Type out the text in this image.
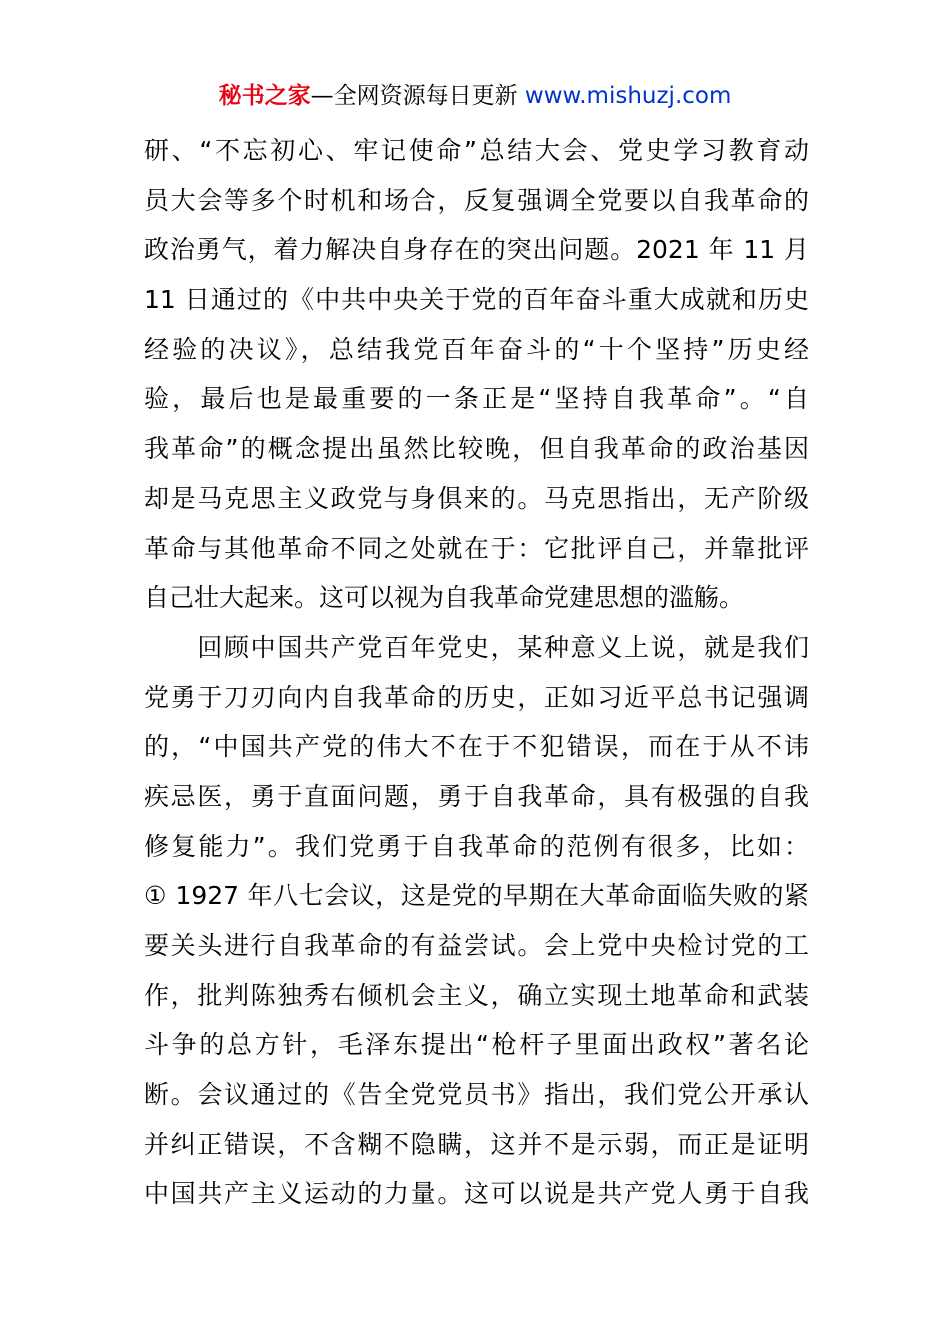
秘书之家—全网资源每日更新 www.mishuzj.com
研、“不忘初心、牢记使命”总结大会、党史学习教育动
员大会等多个时机和场合，反复强调全党要以自我革命的
政治勇气，着力解决自身存在的突出问题。2021 年 11 月
11 日通过的《中共中央关于党的百年奋斗重大成就和历史
经验的决议》，总结我党百年奋斗的“十个坚持”历史经
验，最后也是最重要的一条正是“坚持自我革命”。“自
我革命”的概念提出虽然比较晚，但自我革命的政治基因
却是马克思主义政党与身俱来的。马克思指出，无产阶级
革命与其他革命不同之处就在于：它批评自己，并靠批评
自己壮大起来。这可以视为自我革命党建思想的滥觞。
　　回顾中国共产党百年党史，某种意义上说，就是我们
党勇于刀刃向内自我革命的历史，正如习近平总书记强调
的，“中国共产党的伟大不在于不犯错误，而在于从不讳
疾忌医，勇于直面问题，勇于自我革命，具有极强的自我
修复能力”。我们党勇于自我革命的范例有很多，比如：
① 1927 年八七会议，这是党的早期在大革命面临失败的紧
要关头进行自我革命的有益尝试。会上党中央检讨党的工
作，批判陈独秀右倾机会主义，确立实现土地革命和武装
斗争的总方针，毛泽东提出“枪杆子里面出政权”著名论
断。会议通过的《告全党党员书》指出，我们党公开承认
并纠正错误，不含糊不隐瞒，这并不是示弱，而正是证明
中国共产主义运动的力量。这可以说是共产党人勇于自我
